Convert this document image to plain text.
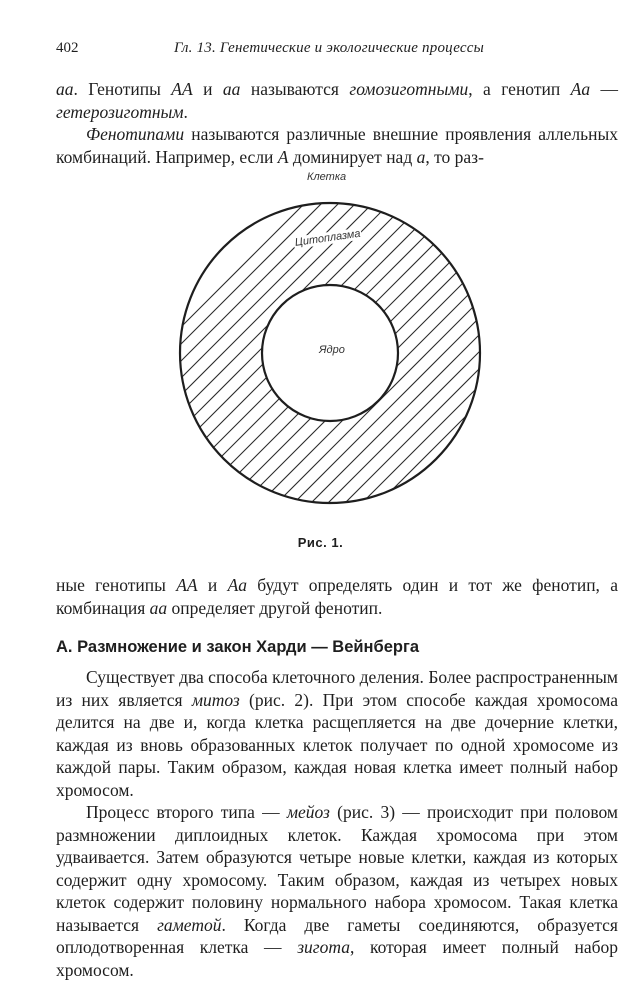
402	Гл. 13. Генетические и экологические процессы

aa. Генотипы AA и aa называются гомозиготными, а генотип Aa — гетерозиготным.

Фенотипами называются различные внешние проявления аллельных комбинаций. Например, если A доминирует над a, то раз-

Клетка
Цитоплазма
Ядро
Рис. 1.

ные генотипы AA и Aa будут определять один и тот же фенотип, а комбинация aa определяет другой фенотип.

А. Размножение и закон Харди — Вейнберга

Существует два способа клеточного деления. Более распространенным из них является митоз (рис. 2). При этом способе каждая хромосома делится на две и, когда клетка расщепляется на две дочерние клетки, каждая из вновь образованных клеток получает по одной хромосоме из каждой пары. Таким образом, каждая новая клетка имеет полный набор хромосом.

Процесс второго типа — мейоз (рис. 3) — происходит при половом размножении диплоидных клеток. Каждая хромосома при этом удваивается. Затем образуются четыре новые клетки, каждая из которых содержит одну хромосому. Таким образом, каждая из четырех новых клеток содержит половину нормального набора хромосом. Такая клетка называется гаметой. Когда две гаметы соединяются, образуется оплодотворенная клетка — зигота, которая имеет полный набор хромосом.
